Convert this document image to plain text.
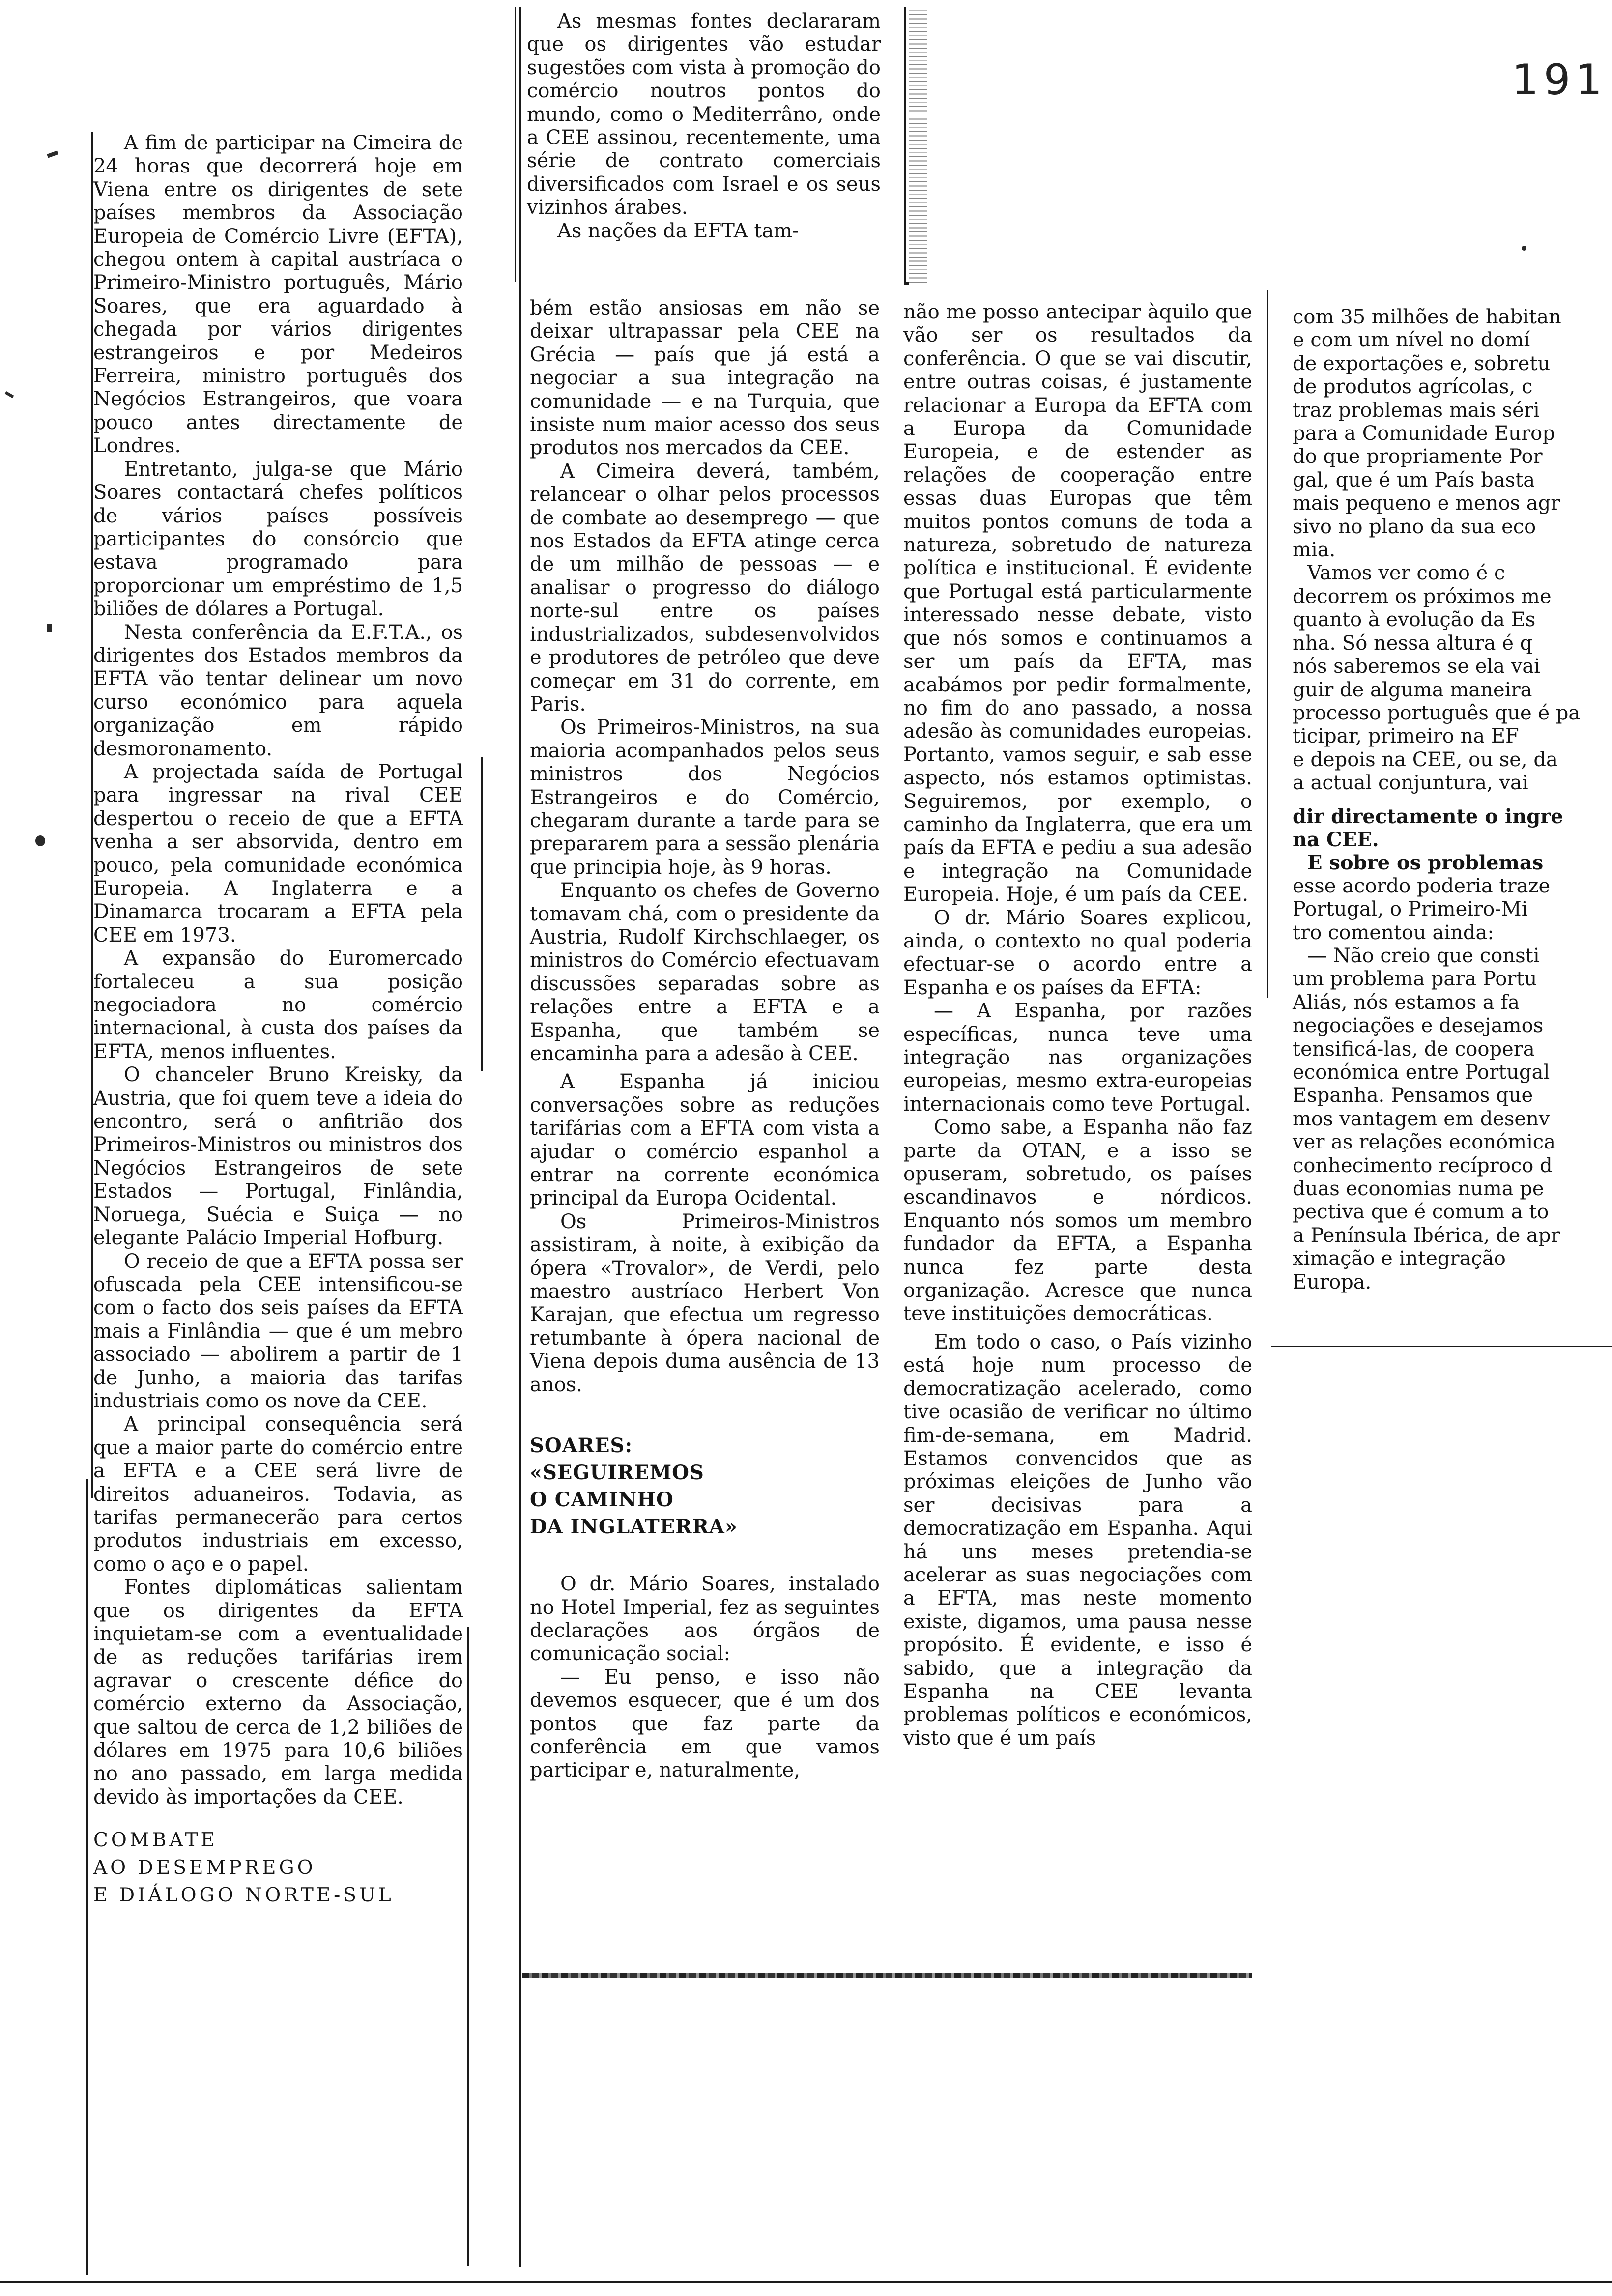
191

As mesmas fontes declararam que os dirigentes vão estudar sugestões com vista à promoção do comércio noutros pontos do mundo, como o Mediterrâno, onde a CEE assinou, recentemente, uma série de contrato comerciais diversificados com Israel e os seus vizinhos árabes.

As nações da EFTA tam-

A fim de participar na Cimeira de 24 horas que decorrerá hoje em Viena entre os dirigentes de sete países membros da Associação Europeia de Comércio Livre (EFTA), chegou ontem à capital austríaca o Primeiro-Ministro português, Mário Soares, que era aguardado à chegada por vários dirigentes estrangeiros e por Medeiros Ferreira, ministro português dos Negócios Estrangeiros, que voara pouco antes directamente de Londres.

Entretanto, julga-se que Mário Soares contactará chefes políticos de vários países possíveis participantes do consórcio que estava programado para proporcionar um empréstimo de 1,5 biliões de dólares a Portugal.

Nesta conferência da E.F.T.A., os dirigentes dos Estados membros da EFTA vão tentar delinear um novo curso económico para aquela organização em rápido desmoronamento.

A projectada saída de Portugal para ingressar na rival CEE despertou o receio de que a EFTA venha a ser absorvida, dentro em pouco, pela comunidade económica Europeia. A Inglaterra e a Dinamarca trocaram a EFTA pela CEE em 1973.

A expansão do Euromercado fortaleceu a sua posição negociadora no comércio internacional, à custa dos países da EFTA, menos influentes.

O chanceler Bruno Kreisky, da Austria, que foi quem teve a ideia do encontro, será o anfitrião dos Primeiros-Ministros ou ministros dos Negócios Estrangeiros de sete Estados — Portugal, Finlândia, Noruega, Suécia e Suiça — no elegante Palácio Imperial Hofburg.

O receio de que a EFTA possa ser ofuscada pela CEE intensificou-se com o facto dos seis países da EFTA mais a Finlândia — que é um mebro associado — abolirem a partir de 1 de Junho, a maioria das tarifas industriais como os nove da CEE.

A principal consequência será que a maior parte do comércio entre a EFTA e a CEE será livre de direitos aduaneiros. Todavia, as tarifas permanecerão para certos produtos industriais em excesso, como o aço e o papel.

Fontes diplomáticas salientam que os dirigentes da EFTA inquietam-se com a eventualidade de as reduções tarifárias irem agravar o crescente défice do comércio externo da Associação, que saltou de cerca de 1,2 biliões de dólares em 1975 para 10,6 biliões no ano passado, em larga medida devido às importações da CEE.

COMBATE
AO DESEMPREGO
E DIÁLOGO NORTE-SUL

bém estão ansiosas em não se deixar ultrapassar pela CEE na Grécia — país que já está a negociar a sua integração na comunidade — e na Turquia, que insiste num maior acesso dos seus produtos nos mercados da CEE.

A Cimeira deverá, também, relancear o olhar pelos processos de combate ao desemprego — que nos Estados da EFTA atinge cerca de um milhão de pessoas — e analisar o progresso do diálogo norte-sul entre os países industrializados, subdesenvolvidos e produtores de petróleo que deve começar em 31 do corrente, em Paris.

Os Primeiros-Ministros, na sua maioria acompanhados pelos seus ministros dos Negócios Estrangeiros e do Comércio, chegaram durante a tarde para se prepararem para a sessão plenária que principia hoje, às 9 horas.

Enquanto os chefes de Governo tomavam chá, com o presidente da Austria, Rudolf Kirchschlaeger, os ministros do Comércio efectuavam discussões separadas sobre as relações entre a EFTA e a Espanha, que também se encaminha para a adesão à CEE.

A Espanha já iniciou conversações sobre as reduções tarifárias com a EFTA com vista a ajudar o comércio espanhol a entrar na corrente económica principal da Europa Ocidental.

Os Primeiros-Ministros assistiram, à noite, à exibição da ópera «Trovalor», de Verdi, pelo maestro austríaco Herbert Von Karajan, que efectua um regresso retumbante à ópera nacional de Viena depois duma ausência de 13 anos.

SOARES:
«SEGUIREMOS
O CAMINHO
DA INGLATERRA»

O dr. Mário Soares, instalado no Hotel Imperial, fez as seguintes declarações aos órgãos de comunicação social:

— Eu penso, e isso não devemos esquecer, que é um dos pontos que faz parte da conferência em que vamos participar e, naturalmente,

não me posso antecipar àquilo que vão ser os resultados da conferência. O que se vai discutir, entre outras coisas, é justamente relacionar a Europa da EFTA com a Europa da Comunidade Europeia, e de estender as relações de cooperação entre essas duas Europas que têm muitos pontos comuns de toda a natureza, sobretudo de natureza política e institucional. É evidente que Portugal está particularmente interessado nesse debate, visto que nós somos e continuamos a ser um país da EFTA, mas acabámos por pedir formalmente, no fim do ano passado, a nossa adesão às comunidades europeias. Portanto, vamos seguir, e sab esse aspecto, nós estamos optimistas. Seguiremos, por exemplo, o caminho da Inglaterra, que era um país da EFTA e pediu a sua adesão e integração na Comunidade Europeia. Hoje, é um país da CEE.

O dr. Mário Soares explicou, ainda, o contexto no qual poderia efectuar-se o acordo entre a Espanha e os países da EFTA:

— A Espanha, por razões específicas, nunca teve uma integração nas organizações europeias, mesmo extra-europeias internacionais como teve Portugal.

Como sabe, a Espanha não faz parte da OTAN, e a isso se opuseram, sobretudo, os países escandinavos e nórdicos. Enquanto nós somos um membro fundador da EFTA, a Espanha nunca fez parte desta organização. Acresce que nunca teve instituições democráticas.

Em todo o caso, o País vizinho está hoje num processo de democratização acelerado, como tive ocasião de verificar no último fim-de-semana, em Madrid. Estamos convencidos que as próximas eleições de Junho vão ser decisivas para a democratização em Espanha. Aqui há uns meses pretendia-se acelerar as suas negociações com a EFTA, mas neste momento existe, digamos, uma pausa nesse propósito. É evidente, e isso é sabido, que a integração da Espanha na CEE levanta problemas políticos e económicos, visto que é um país

com 35 milhões de habitan
e com um nível no domí
de exportações e, sobretu
de produtos agrícolas, c
traz problemas mais séri
para a Comunidade Europ
do que propriamente Por
gal, que é um País basta
mais pequeno e menos agr
sivo no plano da sua eco
mia.
Vamos ver como é c
decorrem os próximos me
quanto à evolução da Es
nha. Só nessa altura é q
nós saberemos se ela vai
guir de alguma maneira
processo português que é pa
ticipar, primeiro na EF
e depois na CEE, ou se, da
a actual conjuntura, vai
dir directamente o ingre
na CEE.
E sobre os problemas
esse acordo poderia traze
Portugal, o Primeiro-Mi
tro comentou ainda:
— Não creio que consti
um problema para Portu
Aliás, nós estamos a fa
negociações e desejamos
tensificá-las, de coopera
económica entre Portugal
Espanha. Pensamos que
mos vantagem em desenv
ver as relações económica
conhecimento recíproco d
duas economias numa pe
pectiva que é comum a to
a Península Ibérica, de apr
ximação e integração
Europa.
